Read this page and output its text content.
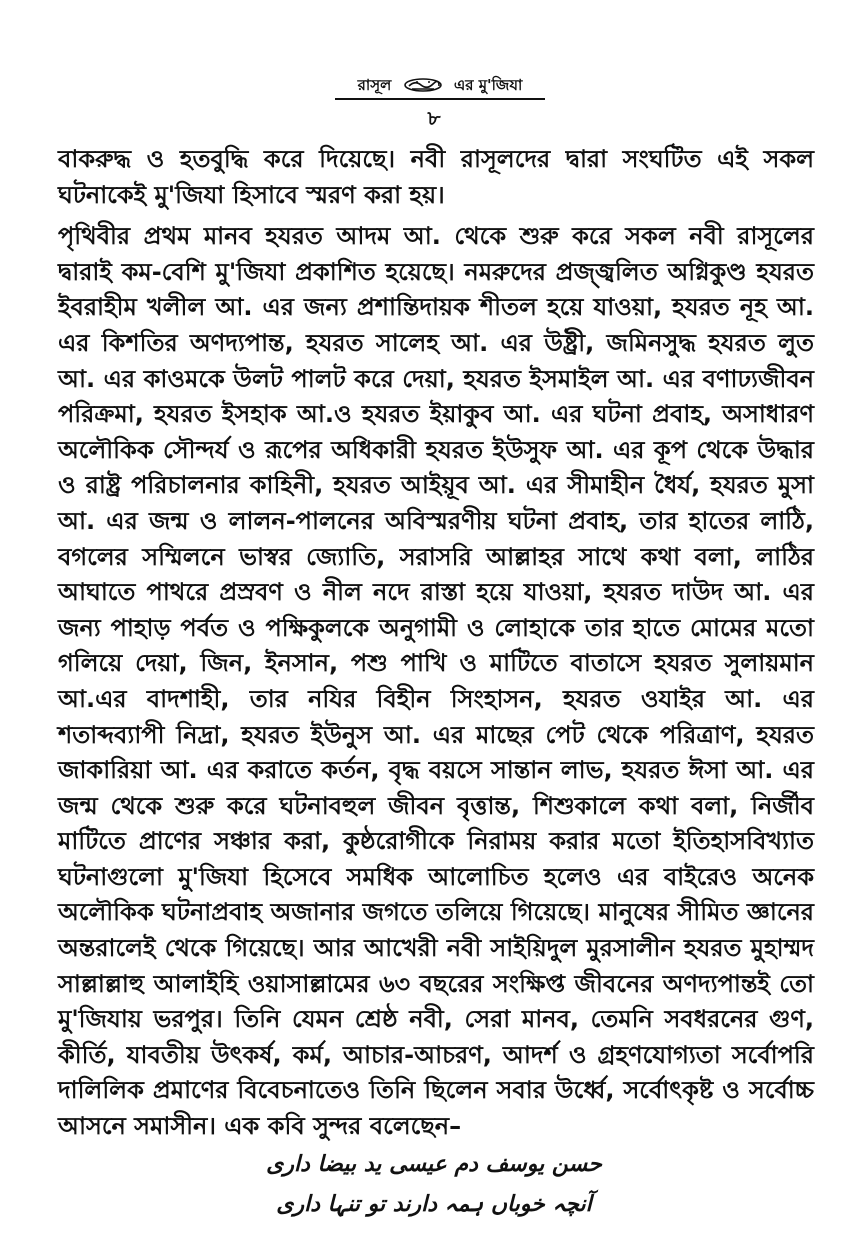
রাসূল	এর মু'জিযা
৮

বাকরুদ্ধ ও হতবুদ্ধি করে দিয়েছে। নবী রাসূলদের দ্বারা সংঘটিত এই সকল ঘটনাকেই মু'জিযা হিসাবে স্মরণ করা হয়।

পৃথিবীর প্রথম মানব হযরত আদম আ. থেকে শুরু করে সকল নবী রাসূলের দ্বারাই কম-বেশি মু'জিযা প্রকাশিত হয়েছে। নমরুদের প্রজ্জ্বলিত অগ্নিকুণ্ড হযরত ইবরাহীম খলীল আ. এর জন্য প্রশান্তিদায়ক শীতল হয়ে যাওয়া, হযরত নূহ আ. এর কিশতির অণদ্যপান্ত, হযরত সালেহ আ. এর উষ্ট্রী, জমিনসুদ্ধ হযরত লুত আ. এর কাওমকে উলট পালট করে দেয়া, হযরত ইসমাইল আ. এর বণাঢ্যজীবন পরিক্রমা, হযরত ইসহাক আ.ও হযরত ইয়াকুব আ. এর ঘটনা প্রবাহ, অসাধারণ অলৌকিক সৌন্দর্য ও রূপের অধিকারী হযরত ইউসুফ আ. এর কূপ থেকে উদ্ধার ও রাষ্ট্র পরিচালনার কাহিনী, হযরত আইয়ূব আ. এর সীমাহীন ধৈর্য, হযরত মুসা আ. এর জন্ম ও লালন-পালনের অবিস্মরণীয় ঘটনা প্রবাহ, তার হাতের লাঠি, বগলের সম্মিলনে ভাস্বর জ্যোতি, সরাসরি আল্লাহর সাথে কথা বলা, লাঠির আঘাতে পাথরে প্রস্রবণ ও নীল নদে রাস্তা হয়ে যাওয়া, হযরত দাউদ আ. এর জন্য পাহাড় পর্বত ও পক্ষিকুলকে অনুগামী ও লোহাকে তার হাতে মোমের মতো গলিয়ে দেয়া, জিন, ইনসান, পশু পাখি ও মাটিতে বাতাসে হযরত সুলায়মান আ.এর বাদশাহী, তার নযির বিহীন সিংহাসন, হযরত ওযাইর আ. এর শতাব্দব্যাপী নিদ্রা, হযরত ইউনুস আ. এর মাছের পেট থেকে পরিত্রাণ, হযরত জাকারিয়া আ. এর করাতে কর্তন, বৃদ্ধ বয়সে সান্তান লাভ, হযরত ঈসা আ. এর জন্ম থেকে শুরু করে ঘটনাবহুল জীবন বৃত্তান্ত, শিশুকালে কথা বলা, নির্জীব মাটিতে প্রাণের সঞ্চার করা, কুষ্ঠরোগীকে নিরাময় করার মতো ইতিহাসবিখ্যাত ঘটনাগুলো মু'জিযা হিসেবে সমধিক আলোচিত হলেও এর বাইরেও অনেক অলৌকিক ঘটনাপ্রবাহ অজানার জগতে তলিয়ে গিয়েছে। মানুষের সীমিত জ্ঞানের অন্তরালেই থেকে গিয়েছে। আর আখেরী নবী সাইয়িদুল মুরসালীন হযরত মুহাম্মদ সাল্লাল্লাহু আলাইহি ওয়াসাল্লামের ৬৩ বছরের সংক্ষিপ্ত জীবনের অণদ্যপান্তই তো মু'জিযায় ভরপুর। তিনি যেমন শ্রেষ্ঠ নবী, সেরা মানব, তেমনি সবধরনের গুণ, কীর্তি, যাবতীয় উৎকর্ষ, কর্ম, আচার-আচরণ, আদর্শ ও গ্রহণযোগ্যতা সর্বোপরি দালিলিক প্রমাণের বিবেচনাতেও তিনি ছিলেন সবার উর্ধ্বে, সর্বোৎকৃষ্ট ও সর্বোচ্চ আসনে সমাসীন। এক কবি সুন্দর বলেছেন–

حسن یوسف دم عیسی ید بیضا داری
آنچہ خوباں ہمہ دارند تو تنہا داری
